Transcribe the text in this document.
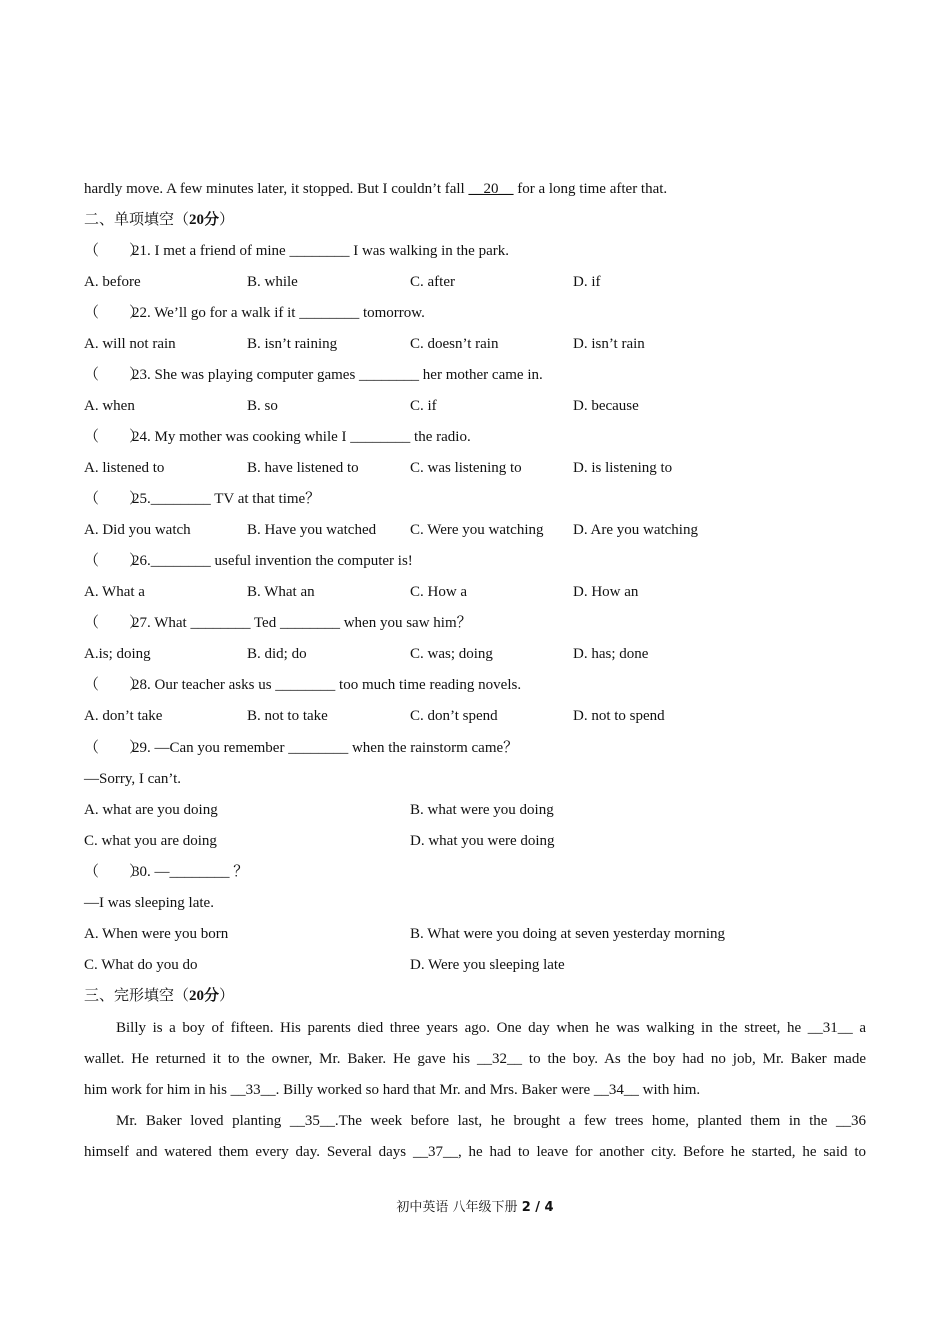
hardly move. A few minutes later, it stopped. But I couldn’t fall __20__ for a long time after that.
二、单项填空（20分）
（　　）21. I met a friend of mine ________ I was walking in the park.
A. before	B. while	C. after	D. if
（　　）22. We’ll go for a walk if it ________ tomorrow.
A. will not rain	B. isn’t raining	C. doesn’t rain	D. isn’t rain
（　　）23. She was playing computer games ________ her mother came in.
A. when	B. so	C. if	D. because
（　　）24. My mother was cooking while I ________ the radio.
A. listened to	B. have listened to	C. was listening to	D. is listening to
（　　）25.________ TV at that time？
A. Did you watch	B. Have you watched C. Were you watching D. Are you watching
（　　）26.________ useful invention the computer is!
A. What a	B. What an	C. How a	D. How an
（　　）27. What ________ Ted ________ when you saw him？
A.is; doing	B. did; do	C. was; doing	D. has; done
（　　）28. Our teacher asks us ________ too much time reading novels.
A. don’t take	B. not to take	C. don’t spend	D. not to spend
（　　）29. —Can you remember ________ when the rainstorm came？
—Sorry, I can’t.
A. what are you doing	B. what were you doing
C. what you are doing	D. what you were doing
（　　）30. —________ ？
—I was sleeping late.
A. When were you born	B. What were you doing at seven yesterday morning
C. What do you do	D. Were you sleeping late
三、完形填空（20分）
Billy is a boy of fifteen. His parents died three years ago. One day when he was walking in the street, he __31__ a
wallet. He returned it to the owner, Mr. Baker. He gave his __32__ to the boy. As the boy had no job, Mr. Baker made
him work for him in his __33__. Billy worked so hard that Mr. and Mrs. Baker were __34__ with him.
Mr. Baker loved planting __35__.The week before last, he brought a few trees home, planted them in the __36
himself and watered them every day. Several days __37__, he had to leave for another city. Before he started, he said to
初中英语 八年级下册 2 / 4
